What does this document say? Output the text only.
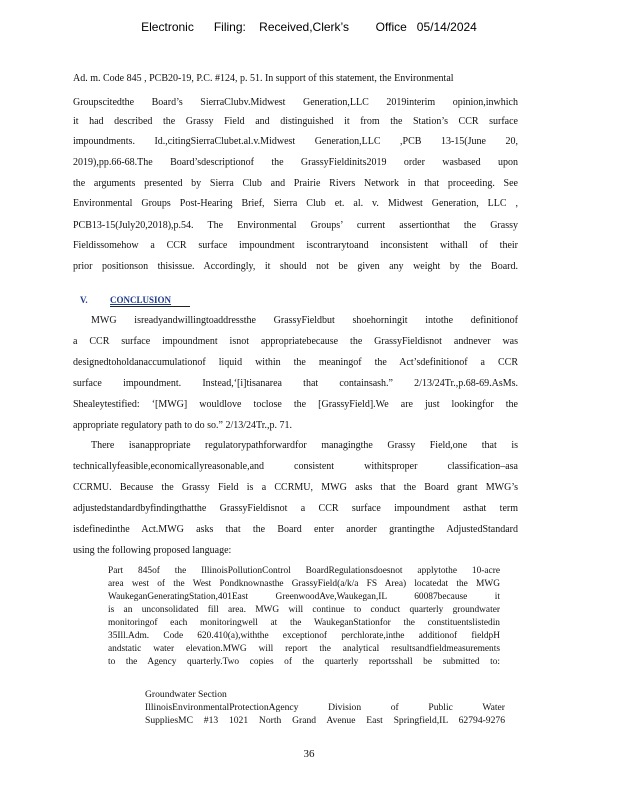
Electronic      Filing:    Received,Clerk’s        Office   05/14/2024
Ad. m. Code 845 , PCB20-19, P.C. #124, p. 51. In support of this statement, the Environmental
Groupscitedthe Board’s SierraClubv.Midwest Generation,LLC 2019interim opinion,inwhich
it had described the Grassy Field and distinguished it from the Station’s CCR surface
impoundments. Id.,citingSierraClubet.al.v.Midwest Generation,LLC ,PCB 13-15(June 20,
2019),pp.66-68.The Board’sdescriptionof the GrassyFieldinits2019 order wasbased upon
the arguments presented by Sierra Club and Prairie Rivers Network in that proceeding. See
Environmental Groups Post-Hearing Brief, Sierra Club et. al. v. Midwest Generation, LLC ,
PCB13-15(July20,2018),p.54. The Environmental Groups’ current assertionthat the Grassy
Fieldissomehow a CCR surface impoundment iscontrarytoand inconsistent withall of their
prior positionson thisissue. Accordingly, it should not be given any weight by the Board.
V. CONCLUSION
MWG isreadyandwillingtoaddressthe GrassyFieldbut shoehorningit intothe definitionof
a CCR surface impoundment isnot appropriatebecause the GrassyFieldisnot andnever was
designedtoholdanaccumulationof liquid within the meaningof the Act’sdefinitionof a CCR
surface impoundment. Instead,‘[i]tisanarea that containsash.” 2/13/24Tr.,p.68-69.AsMs.
Shealeytestified: ‘[MWG] wouldlove toclose the [GrassyField].We are just lookingfor the
appropriate regulatory path to do so.” 2/13/24Tr.,p. 71.
There isanappropriate regulatorypathforwardfor managingthe Grassy Field,one that is
technicallyfeasible,economicallyreasonable,and consistent withitsproper classification–asa
CCRMU. Because the Grassy Field is a CCRMU, MWG asks that the Board grant MWG’s
adjustedstandardbyfindingthatthe GrassyFieldisnot a CCR surface impoundment asthat term
isdefinedinthe Act.MWG asks that the Board enter anorder grantingthe AdjustedStandard
using the following proposed language:
Part 845of the IllinoisPollutionControl BoardRegulationsdoesnot applytothe 10-acre
area west of the West Pondknownasthe GrassyField(a/k/a FS Area) locatedat the MWG
WaukeganGeneratingStation,401East GreenwoodAve,Waukegan,IL 60087because it
is an unconsolidated fill area. MWG will continue to conduct quarterly groundwater
monitoringof each monitoringwell at the WaukeganStationfor the constituentslistedin
35Ill.Adm. Code 620.410(a),withthe exceptionof perchlorate,inthe additionof fieldpH
andstatic water elevation.MWG will report the analytical resultsandfieldmeasurements
to the Agency quarterly.Two copies of the quarterly reportsshall be submitted to:
Groundwater Section
IllinoisEnvironmentalProtectionAgency Division of Public Water
SuppliesMC #13 1021 North Grand Avenue East Springfield,IL 62794-9276
36
